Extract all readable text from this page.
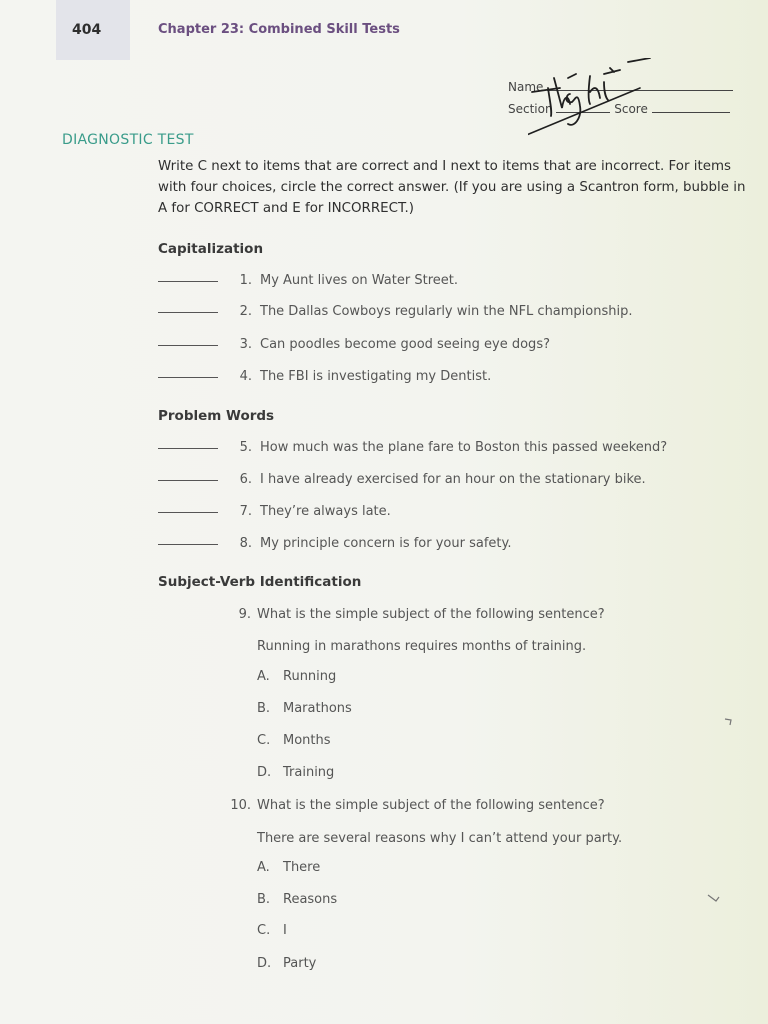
404	Chapter 23: Combined Skill Tests
Name
Section	Score
DIAGNOSTIC TEST
Write C next to items that are correct and I next to items that are incorrect. For items with four choices, circle the correct answer. (If you are using a Scantron form, bubble in A for CORRECT and E for INCORRECT.)
Capitalization
1. My Aunt lives on Water Street.
2. The Dallas Cowboys regularly win the NFL championship.
3. Can poodles become good seeing eye dogs?
4. The FBI is investigating my Dentist.
Problem Words
5. How much was the plane fare to Boston this passed weekend?
6. I have already exercised for an hour on the stationary bike.
7. They’re always late.
8. My principle concern is for your safety.
Subject-Verb Identification
9. What is the simple subject of the following sentence?
Running in marathons requires months of training.
A. Running
B. Marathons
C. Months
D. Training
10. What is the simple subject of the following sentence?
There are several reasons why I can’t attend your party.
A. There
B. Reasons
C. I
D. Party
